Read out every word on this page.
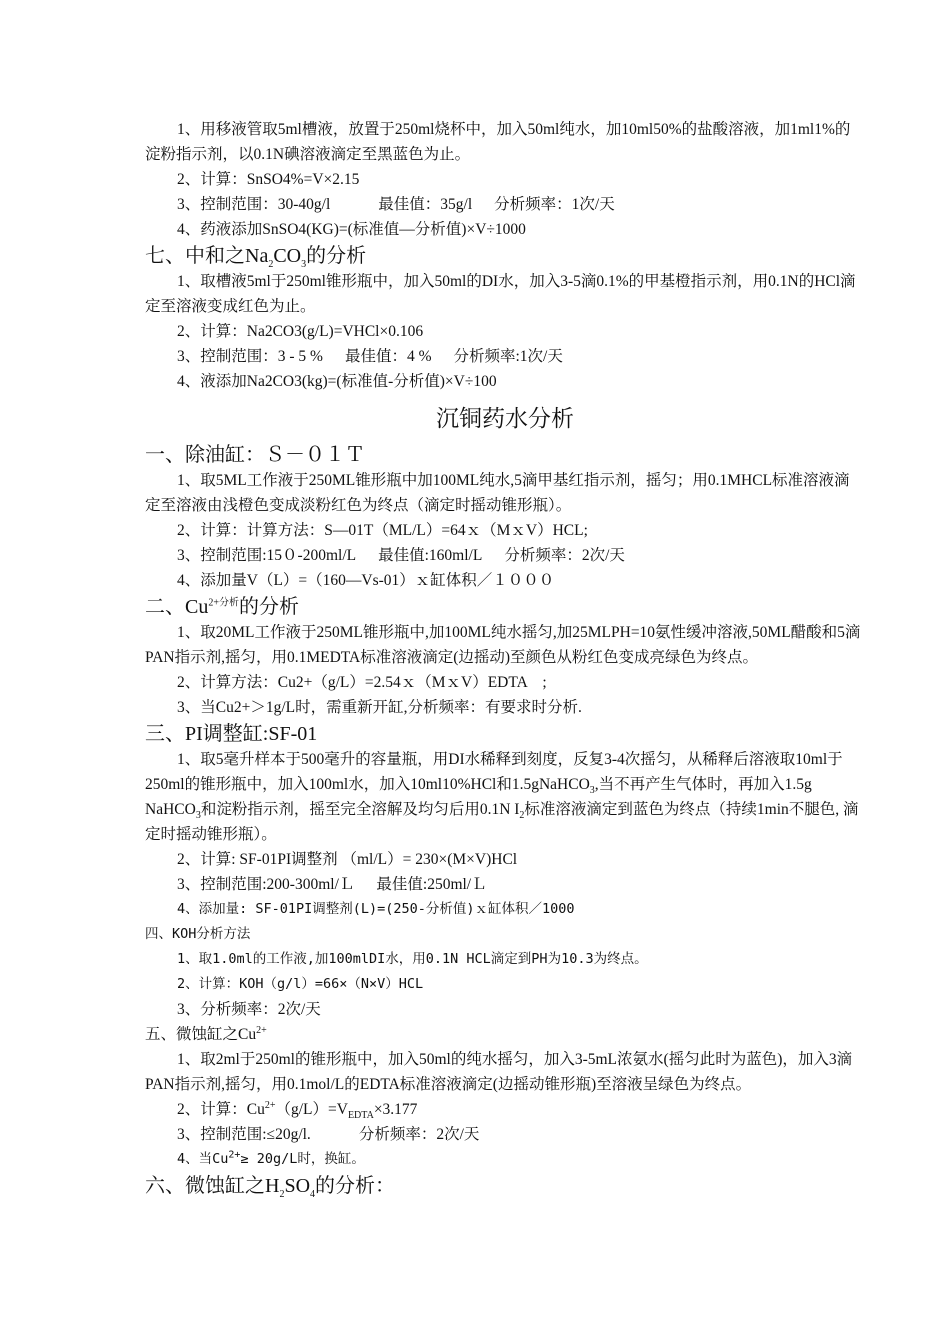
1、用移液管取5ml槽液，放置于250ml烧杯中，加入50ml纯水，加10ml50%的盐酸溶液，加1ml1%的淀粉指示剂，以0.1N碘溶液滴定至黑蓝色为止。

2、计算：SnSO4%=V×2.15

3、控制范围：30-40g/l	最佳值：35g/l 分析频率：1次/天

4、药液添加SnSO4(KG)=(标准值—分析值)×V÷1000

七、中和之$Na_2CO_3$的分析

1、取槽液5ml于250ml锥形瓶中，加入50ml的DI水，加入3-5滴0.1%的甲基橙指示剂，用0.1N的HCl滴定至溶液变成红色为止。

2、计算：Na2CO3(g/L)=VHCl×0.106

3、控制范围：3 - 5 % 最佳值：4 % 分析频率:1次/天

4、液添加Na2CO3(kg)=(标准值-分析值)×V÷100

沉铜药水分析

一、除油缸：Ｓ－０１Ｔ

1、取5ML工作液于250ML锥形瓶中加100ML纯水,5滴甲基红指示剂，摇匀；用0.1MHCL标准溶液滴定至溶液由浅橙色变成淡粉红色为终点（滴定时摇动锥形瓶）。

2、计算：计算方法：S—01T（ML/L）=64ｘ（MｘV）HCL;

3、控制范围:15０-200ml/L 最佳值:160ml/L 分析频率：2次/天

4、添加量V（L）=（160—Vs-01）ｘ缸体积／１０００

二、$Cu^{2+分析}$的分析

1、取20ML工作液于250ML锥形瓶中,加100ML纯水摇匀,加25MLPH=10氨性缓冲溶液,50ML醋酸和5滴PAN指示剂,摇匀，用0.1MEDTA标准溶液滴定(边摇动)至颜色从粉红色变成亮绿色为终点。

2、计算方法：Cu2+（g/L）=2.54ｘ（MｘV）EDTA　;

3、当Cu2+＞1g/L时，需重新开缸,分析频率：有要求时分析.

三、PI调整缸:SF-01

1、取5毫升样本于500毫升的容量瓶，用DI水稀释到刻度，反复3-4次摇匀，从稀释后溶液取10ml于250ml的锥形瓶中，加入100ml水，加入10ml10%HCl和1.5gNaHCO$_3$,当不再产生气体时，再加入1.5g NaHCO$_3$和淀粉指示剂，摇至完全溶解及均匀后用0.1N $I_2$标准溶液滴定到蓝色为终点（持续1min不腿色, 滴定时摇动锥形瓶）。

2、计算: SF-01PI调整剂 （ml/L）= 230×(M×V)HCl

3、控制范围:200-300ml/Ｌ 最佳值:250ml/Ｌ

4、添加量: SF-01PI调整剂(L)=(250-分析值)ｘ缸体积／1000

四、KOH分析方法

1、取1.0ml的工作液,加100mlDI水，用0.1N HCL滴定到PH为10.3为终点。

2、计算：KOH（g/l）=66×（N×V）HCL

3、分析频率：2次/天

五、微蚀缸之$Cu^{2+}$

1、取2ml于250ml的锥形瓶中，加入50ml的纯水摇匀，加入3-5mL浓氨水(摇匀此时为蓝色)，加入3滴PAN指示剂,摇匀，用0.1mol/L的EDTA标准溶液滴定(边摇动锥形瓶)至溶液呈绿色为终点。

2、计算：$Cu^{2+}(g/L)=V_{EDTA}\times 3.177$

3、控制范围:≤20g/l.	分析频率：2次/天

4、当$Cu^{2+}\ge 20g/L$时，换缸。

六、微蚀缸之$H_2SO_4$的分析：
